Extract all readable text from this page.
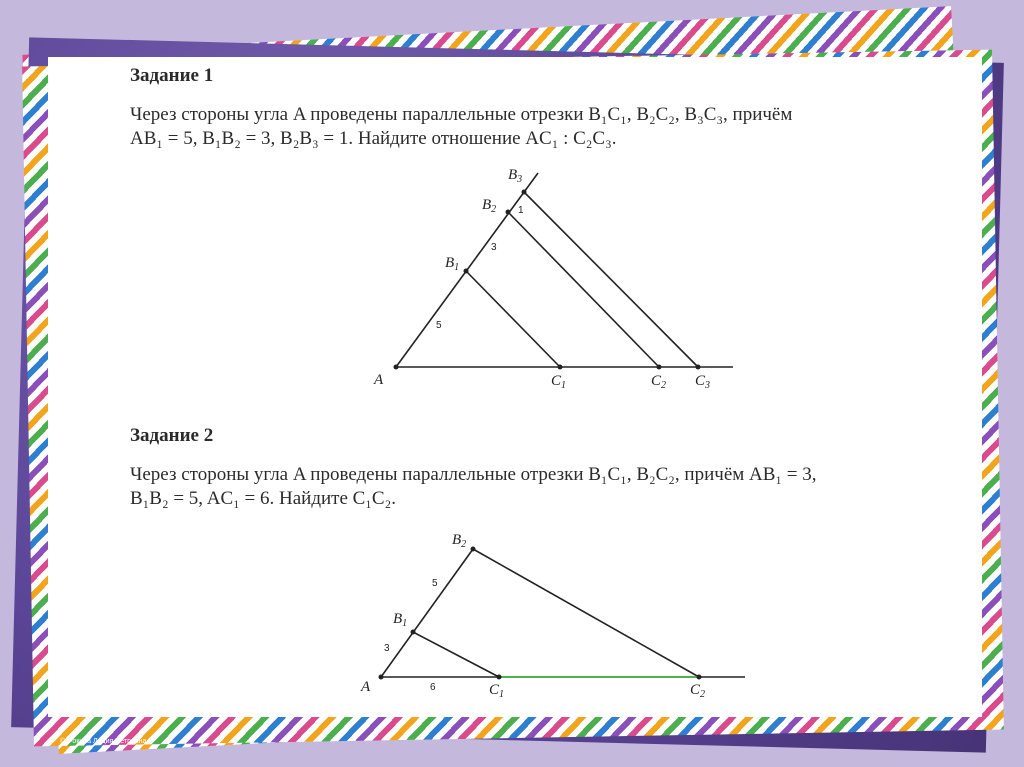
Задание 1
Через стороны угла A проведены параллельные отрезки B₁C₁, B₂C₂, B₃C₃, причём
AB₁ = 5, B₁B₂ = 3, B₂B₃ = 1. Найдите отношение AC₁ : C₂C₃.
Задание 2
Через стороны угла A проведены параллельные отрезки B₁C₁, B₂C₂, причём AB₁ = 3,
B₁B₂ = 5, AC₁ = 6. Найдите C₁C₂.
A
$B_1$
$B_2$
$B_3$
$C_1$	$C_2$ $C_3$
5
3
1
A
$B_1$
$B_2$
$C_1$	$C_2$
3
5
6
© Фокина Лидия Петровна
